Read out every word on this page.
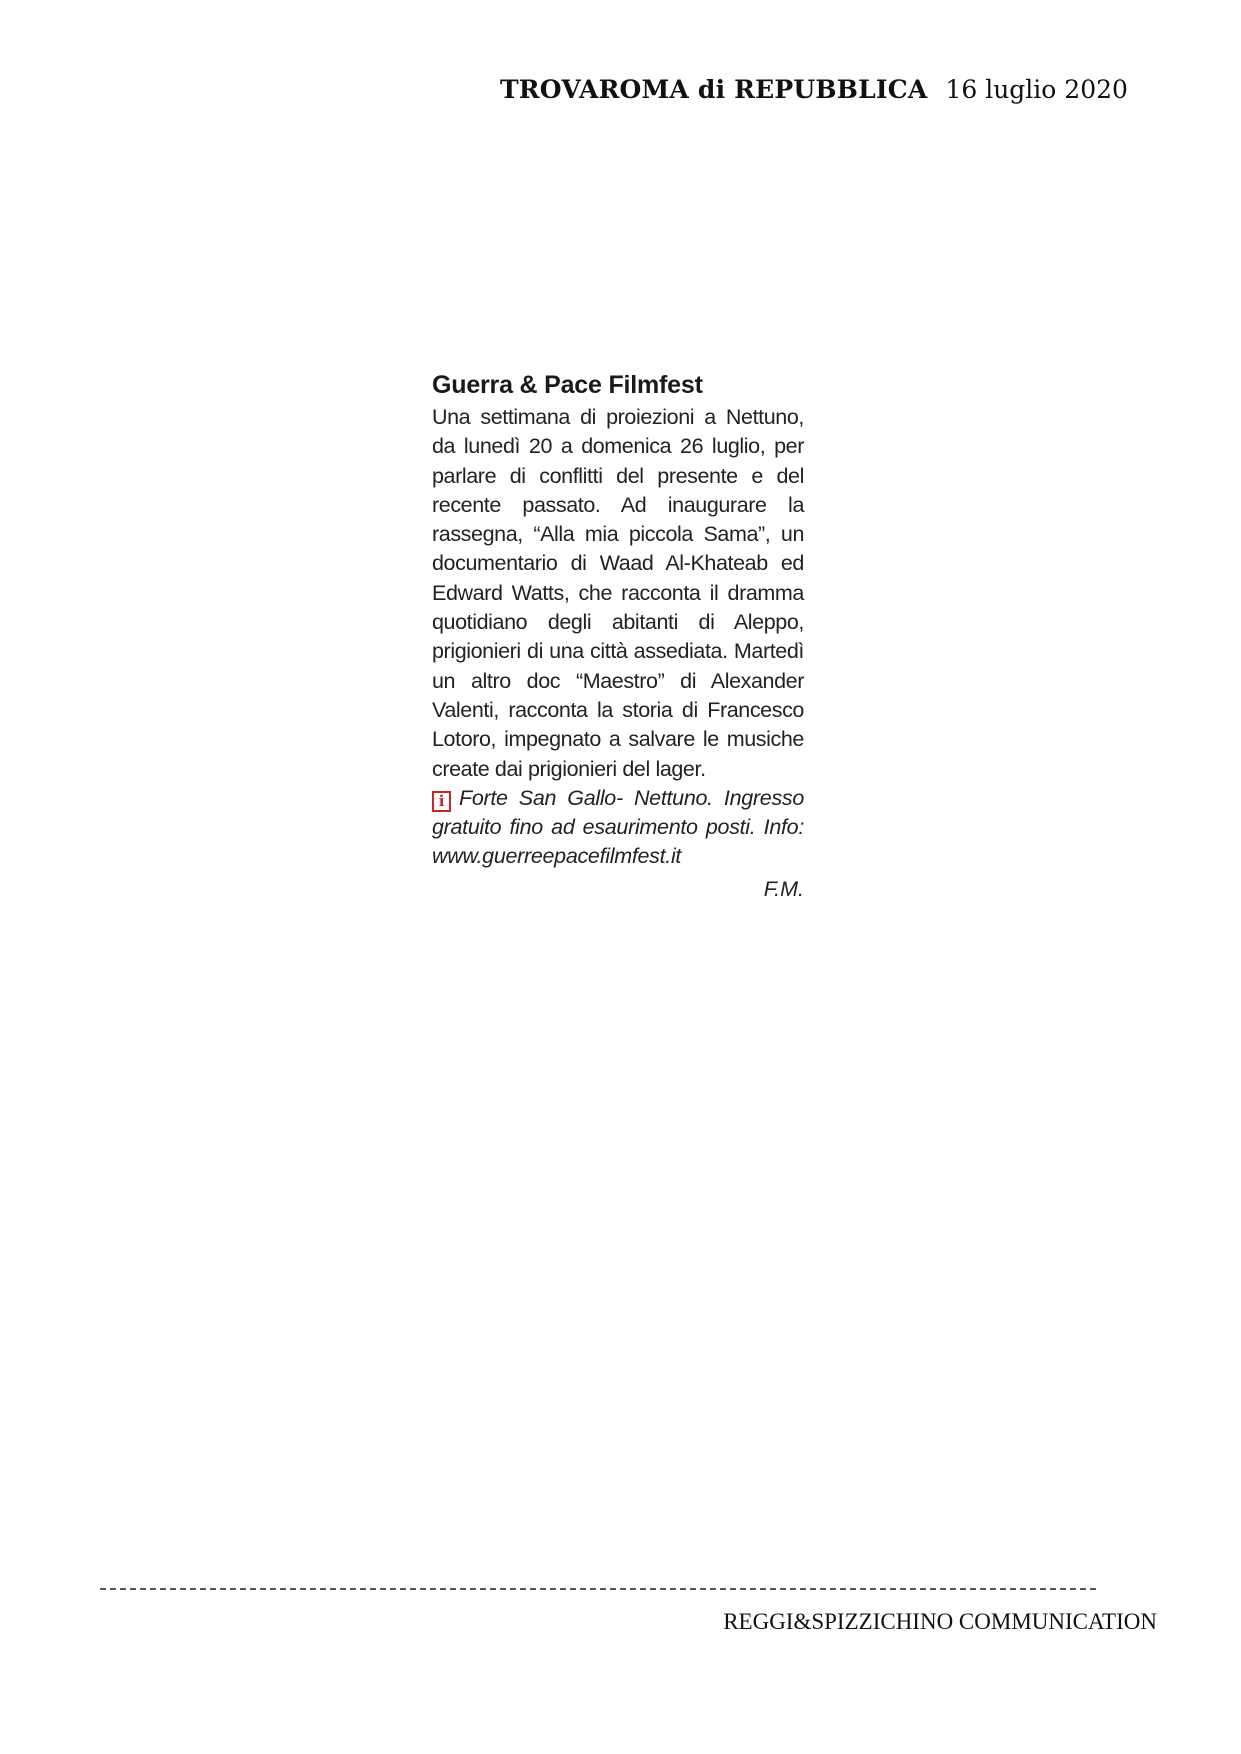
TROVAROMA di REPUBBLICA 16 luglio 2020
Guerra & Pace Filmfest

Una settimana di proiezioni a Nettuno, da lunedì 20 a domenica 26 luglio, per parlare di conflitti del presente e del recente passato. Ad inaugurare la rassegna, “Alla mia piccola Sama”, un documentario di Waad Al-Khateab ed Edward Watts, che racconta il dramma quotidiano degli abitanti di Aleppo, prigionieri di una città assediata. Martedì un altro doc “Maestro” di Alexander Valenti, racconta la storia di Francesco Lotoro, impegnato a salvare le musiche create dai prigionieri del lager.

i Forte San Gallo- Nettuno. Ingresso gratuito fino ad esaurimento posti. Info: www.guerreepacefilmfest.it

F.M.

REGGI&SPIZZICHINO COMMUNICATION
